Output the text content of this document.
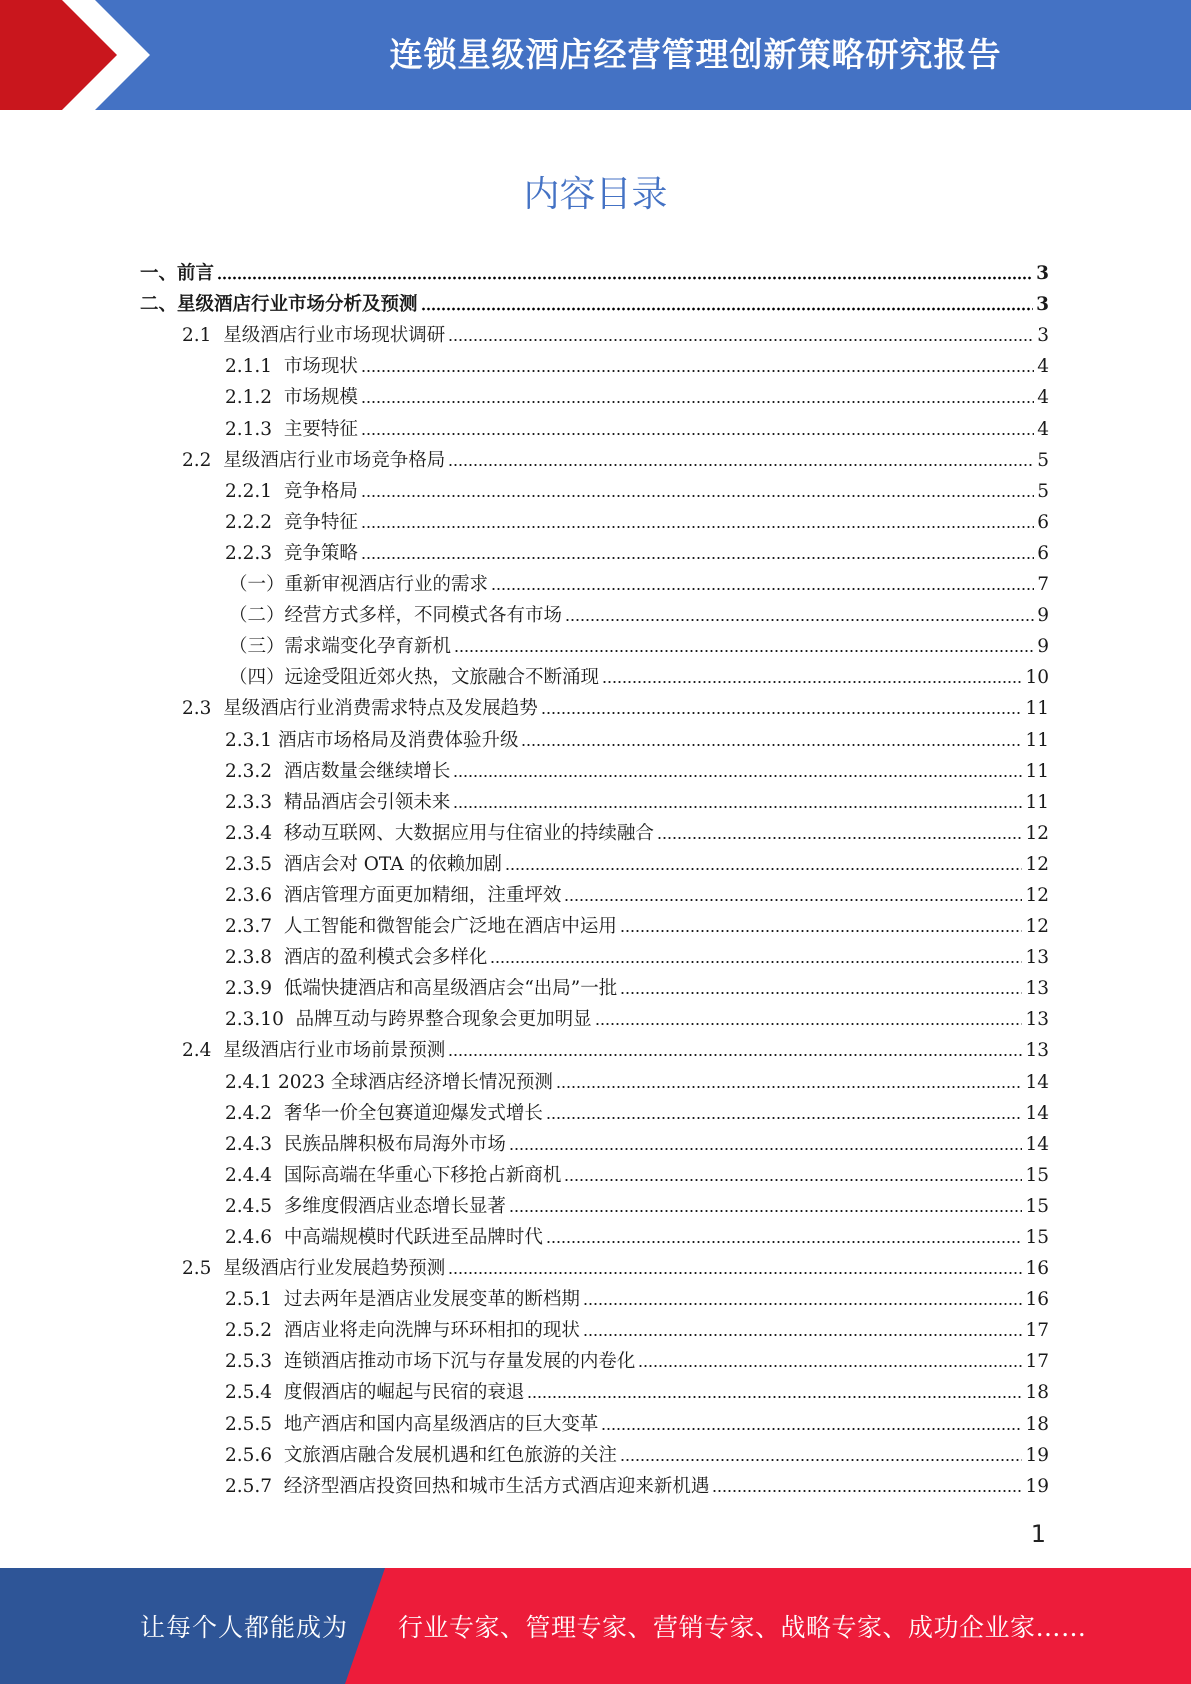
连锁星级酒店经营管理创新策略研究报告
内容目录
一、 前言	3
二、 星级酒店行业市场分析及预测	3
2.1 星级酒店行业市场现状调研	3
2.1.1 市场现状	4
2.1.2 市场规模	4
2.1.3 主要特征	4
2.2 星级酒店行业市场竞争格局	5
2.2.1 竞争格局	5
2.2.2 竞争特征	6
2.2.3 竞争策略	6
（一） 重新审视酒店行业的需求	7
（二） 经营方式多样，不同模式各有市场	9
（三） 需求端变化孕育新机	9
（四） 远途受阻近郊火热，文旅融合不断涌现	10
2.3 星级酒店行业消费需求特点及发展趋势	11
2.3.1 酒店市场格局及消费体验升级	11
2.3.2 酒店数量会继续增长	11
2.3.3 精品酒店会引领未来	11
2.3.4 移动互联网、大数据应用与住宿业的持续融合	12
2.3.5 酒店会对 OTA 的依赖加剧	12
2.3.6 酒店管理方面更加精细，注重坪效	12
2.3.7 人工智能和微智能会广泛地在酒店中运用	12
2.3.8 酒店的盈利模式会多样化	13
2.3.9 低端快捷酒店和高星级酒店会“出局”一批	13
2.3.10 品牌互动与跨界整合现象会更加明显	13
2.4 星级酒店行业市场前景预测	13
2.4.1 2023 全球酒店经济增长情况预测	14
2.4.2 奢华一价全包赛道迎爆发式增长	14
2.4.3 民族品牌积极布局海外市场	14
2.4.4 国际高端在华重心下移抢占新商机	15
2.4.5 多维度假酒店业态增长显著	15
2.4.6 中高端规模时代跃进至品牌时代	15
2.5 星级酒店行业发展趋势预测	16
2.5.1 过去两年是酒店业发展变革的断档期	16
2.5.2 酒店业将走向洗牌与环环相扣的现状	17
2.5.3 连锁酒店推动市场下沉与存量发展的内卷化	17
2.5.4 度假酒店的崛起与民宿的衰退	18
2.5.5 地产酒店和国内高星级酒店的巨大变革	18
2.5.6 文旅酒店融合发展机遇和红色旅游的关注	19
2.5.7 经济型酒店投资回热和城市生活方式酒店迎来新机遇	19
1
让每个人都能成为 行业专家、管理专家、营销专家、战略专家、成功企业家……
